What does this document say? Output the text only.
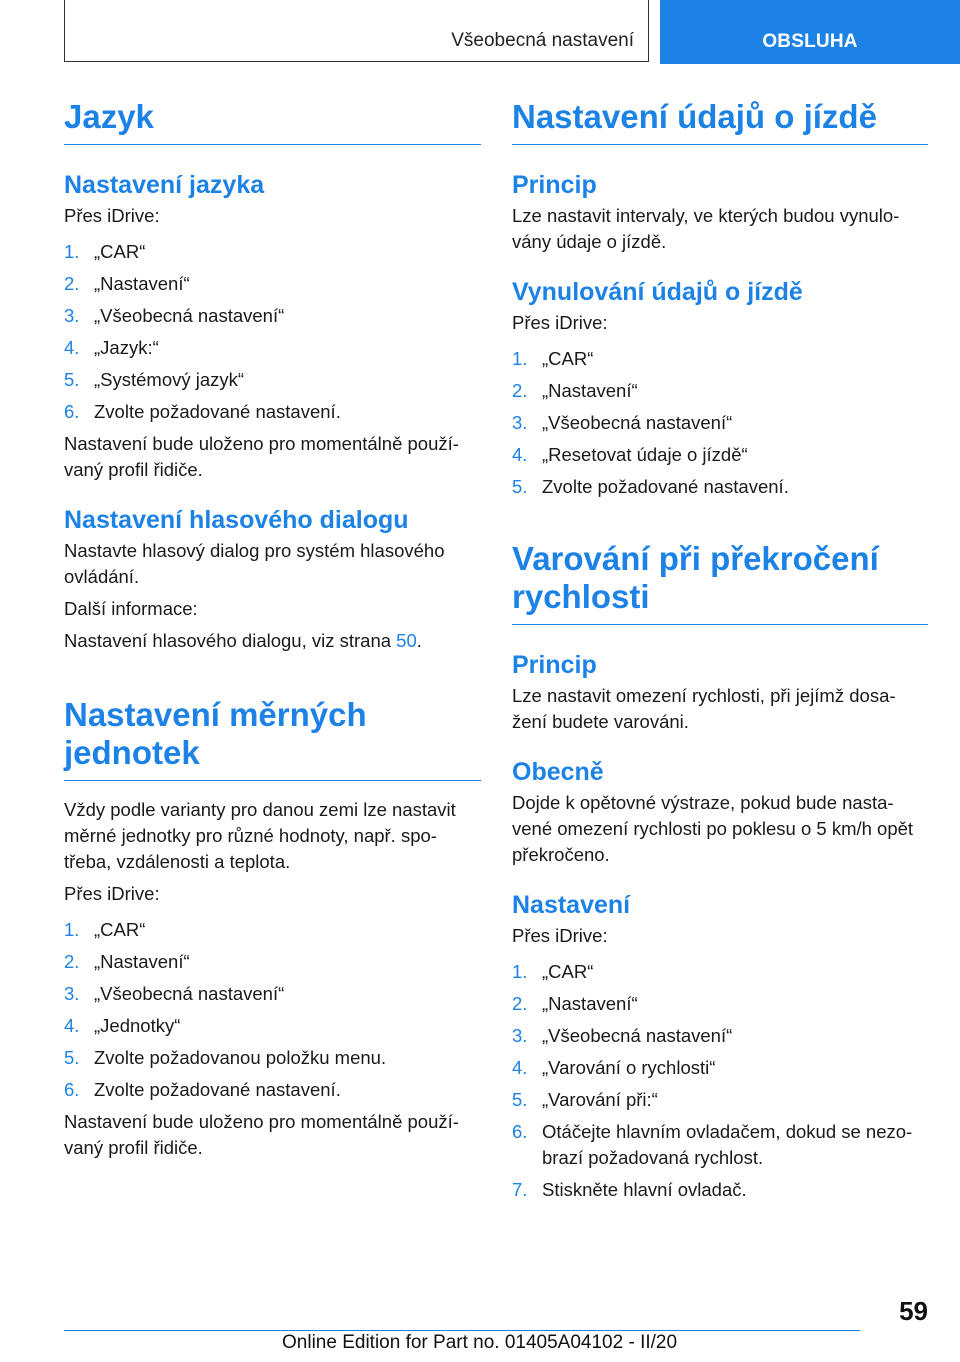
Všeobecná nastavení	OBSLUHA
Jazyk
Nastavení jazyka

Přes iDrive:

1. „CAR“
2. „Nastavení“
3. „Všeobecná nastavení“
4. „Jazyk:“
5. „Systémový jazyk“
6. Zvolte požadované nastavení.

Nastavení bude uloženo pro momentálně použí‐
vaný profil řidiče.

Nastavení hlasového dialogu

Nastavte hlasový dialog pro systém hlasového
ovládání.

Další informace:

Nastavení hlasového dialogu, viz strana 50.

Nastavení měrných
jednotek

Vždy podle varianty pro danou zemi lze nastavit
měrné jednotky pro různé hodnoty, např. spo‐
třeba, vzdálenosti a teplota.

Přes iDrive:

1. „CAR“
2. „Nastavení“
3. „Všeobecná nastavení“
4. „Jednotky“
5. Zvolte požadovanou položku menu.
6. Zvolte požadované nastavení.

Nastavení bude uloženo pro momentálně použí‐
vaný profil řidiče.

Nastavení údajů o jízdě
Princip

Lze nastavit intervaly, ve kterých budou vynulo‐
vány údaje o jízdě.

Vynulování údajů o jízdě

Přes iDrive:

1. „CAR“
2. „Nastavení“
3. „Všeobecná nastavení“
4. „Resetovat údaje o jízdě“
5. Zvolte požadované nastavení.
Varování při překročení
rychlosti
Princip

Lze nastavit omezení rychlosti, při jejímž dosa‐
žení budete varováni.

Obecně

Dojde k opětovné výstraze, pokud bude nasta‐
vené omezení rychlosti po poklesu o 5 km/h opět
překročeno.

Nastavení

Přes iDrive:

1. „CAR“
2. „Nastavení“
3. „Všeobecná nastavení“
4. „Varování o rychlosti“
5. „Varování při:“
6. Otáčejte hlavním ovladačem, dokud se nezo‐
brazí požadovaná rychlost.
7. Stiskněte hlavní ovladač.
59
Online Edition for Part no. 01405A04102 - II/20
